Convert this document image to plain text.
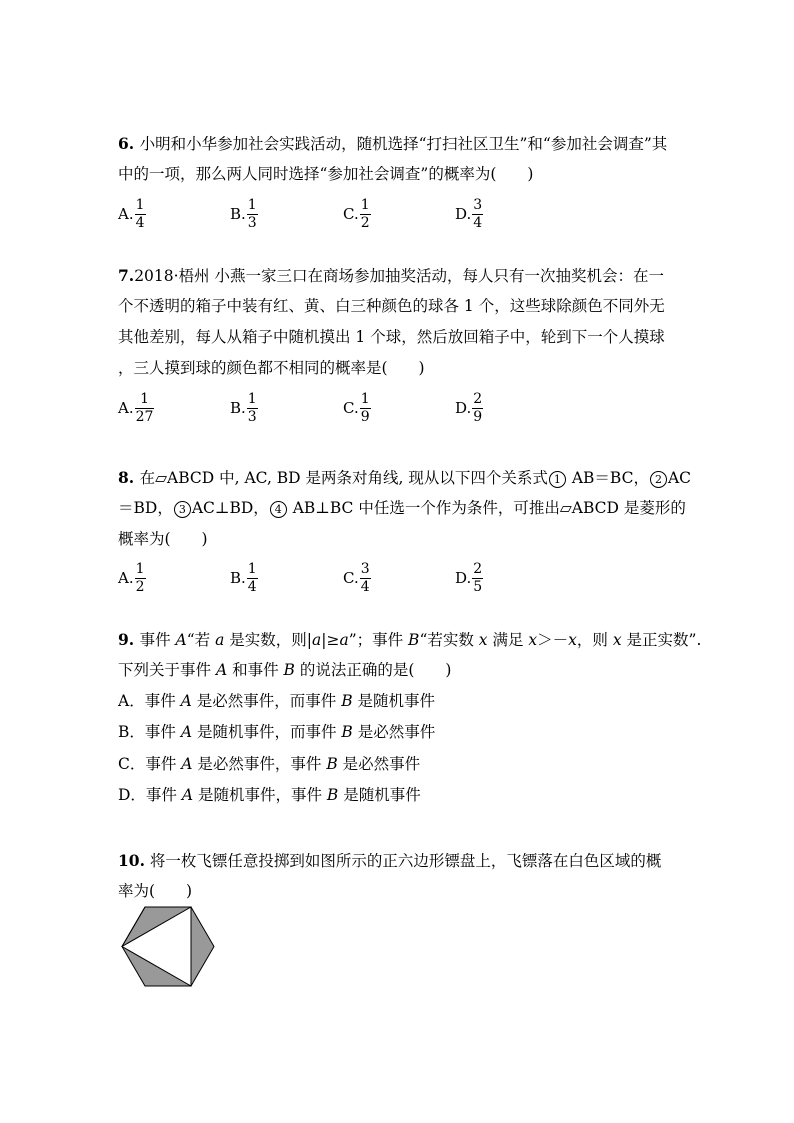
6. 小明和小华参加社会实践活动，随机选择“打扫社区卫生”和“参加社会调查”其
中的一项，那么两人同时选择“参加社会调查”的概率为(　　)
A. $\frac{1}{4}$	B. $\frac{1}{3}$	C. $\frac{1}{2}$	D. $\frac{3}{4}$
7.2018·梧州 小燕一家三口在商场参加抽奖活动，每人只有一次抽奖机会：在一
个不透明的箱子中装有红、黄、白三种颜色的球各 1 个，这些球除颜色不同外无
其他差别，每人从箱子中随机摸出 1 个球，然后放回箱子中，轮到下一个人摸球
，三人摸到球的颜色都不相同的概率是(　　)
A. $\frac{1}{27}$	B. $\frac{1}{3}$	C. $\frac{1}{9}$	D. $\frac{2}{9}$
8. 在▱ABCD 中, AC, BD 是两条对角线, 现从以下四个关系式 1 AB＝BC， 2 AC
＝BD， 3 AC⊥BD， 4 AB⊥BC 中任选一个作为条件，可推出▱ABCD 是菱形的
概率为(　　)
A. $\frac{1}{2}$	B. $\frac{1}{4}$	C. $\frac{3}{4}$	D. $\frac{2}{5}$
9. 事件 A“若 a 是实数，则|a|≥a”；事件 B“若实数 x 满足 x＞－x，则 x 是正实数”.
下列关于事件 A 和事件 B 的说法正确的是(　　)
A．事件 A 是必然事件，而事件 B 是随机事件
B．事件 A 是随机事件，而事件 B 是必然事件
C．事件 A 是必然事件，事件 B 是必然事件
D．事件 A 是随机事件，事件 B 是随机事件
10. 将一枚飞镖任意投掷到如图所示的正六边形镖盘上，飞镖落在白色区域的概
率为(　　)
